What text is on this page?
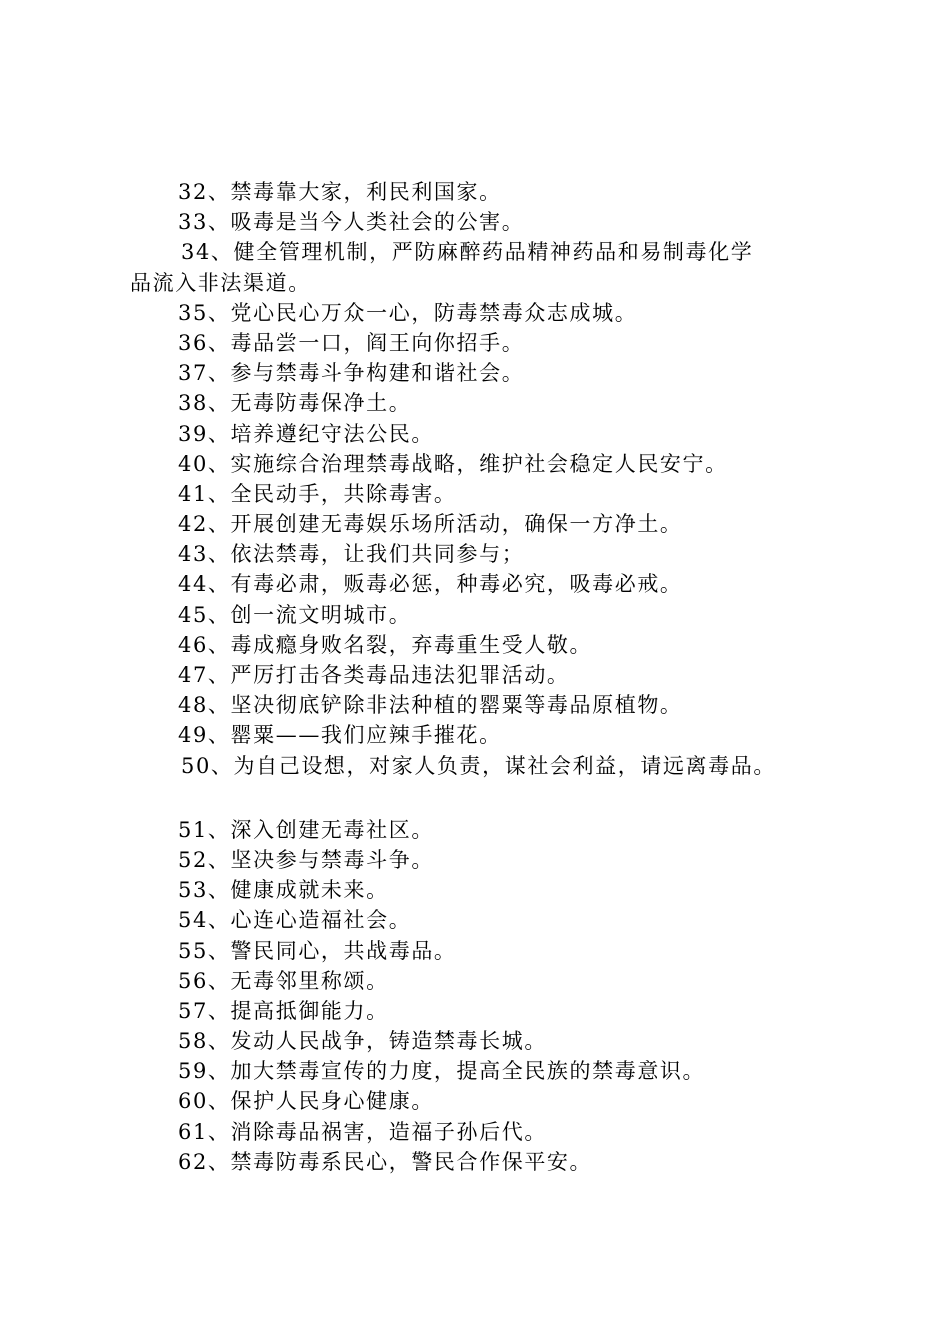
32、禁毒靠大家，利民利国家。
33、吸毒是当今人类社会的公害。
34、健全管理机制，严防麻醉药品精神药品和易制毒化学
品流入非法渠道。
35、党心民心万众一心，防毒禁毒众志成城。
36、毒品尝一口，阎王向你招手。
37、参与禁毒斗争构建和谐社会。
38、无毒防毒保净土。
39、培养遵纪守法公民。
40、实施综合治理禁毒战略，维护社会稳定人民安宁。
41、全民动手，共除毒害。
42、开展创建无毒娱乐场所活动，确保一方净土。
43、依法禁毒，让我们共同参与；
44、有毒必肃，贩毒必惩，种毒必究，吸毒必戒。
45、创一流文明城市。
46、毒成瘾身败名裂，弃毒重生受人敬。
47、严厉打击各类毒品违法犯罪活动。
48、坚决彻底铲除非法种植的罂粟等毒品原植物。
49、罂粟——我们应辣手摧花。
50、为自己设想，对家人负责，谋社会利益，请远离毒品。
51、深入创建无毒社区。
52、坚决参与禁毒斗争。
53、健康成就未来。
54、心连心造福社会。
55、警民同心，共战毒品。
56、无毒邻里称颂。
57、提高抵御能力。
58、发动人民战争，铸造禁毒长城。
59、加大禁毒宣传的力度，提高全民族的禁毒意识。
60、保护人民身心健康。
61、消除毒品祸害，造福子孙后代。
62、禁毒防毒系民心，警民合作保平安。
